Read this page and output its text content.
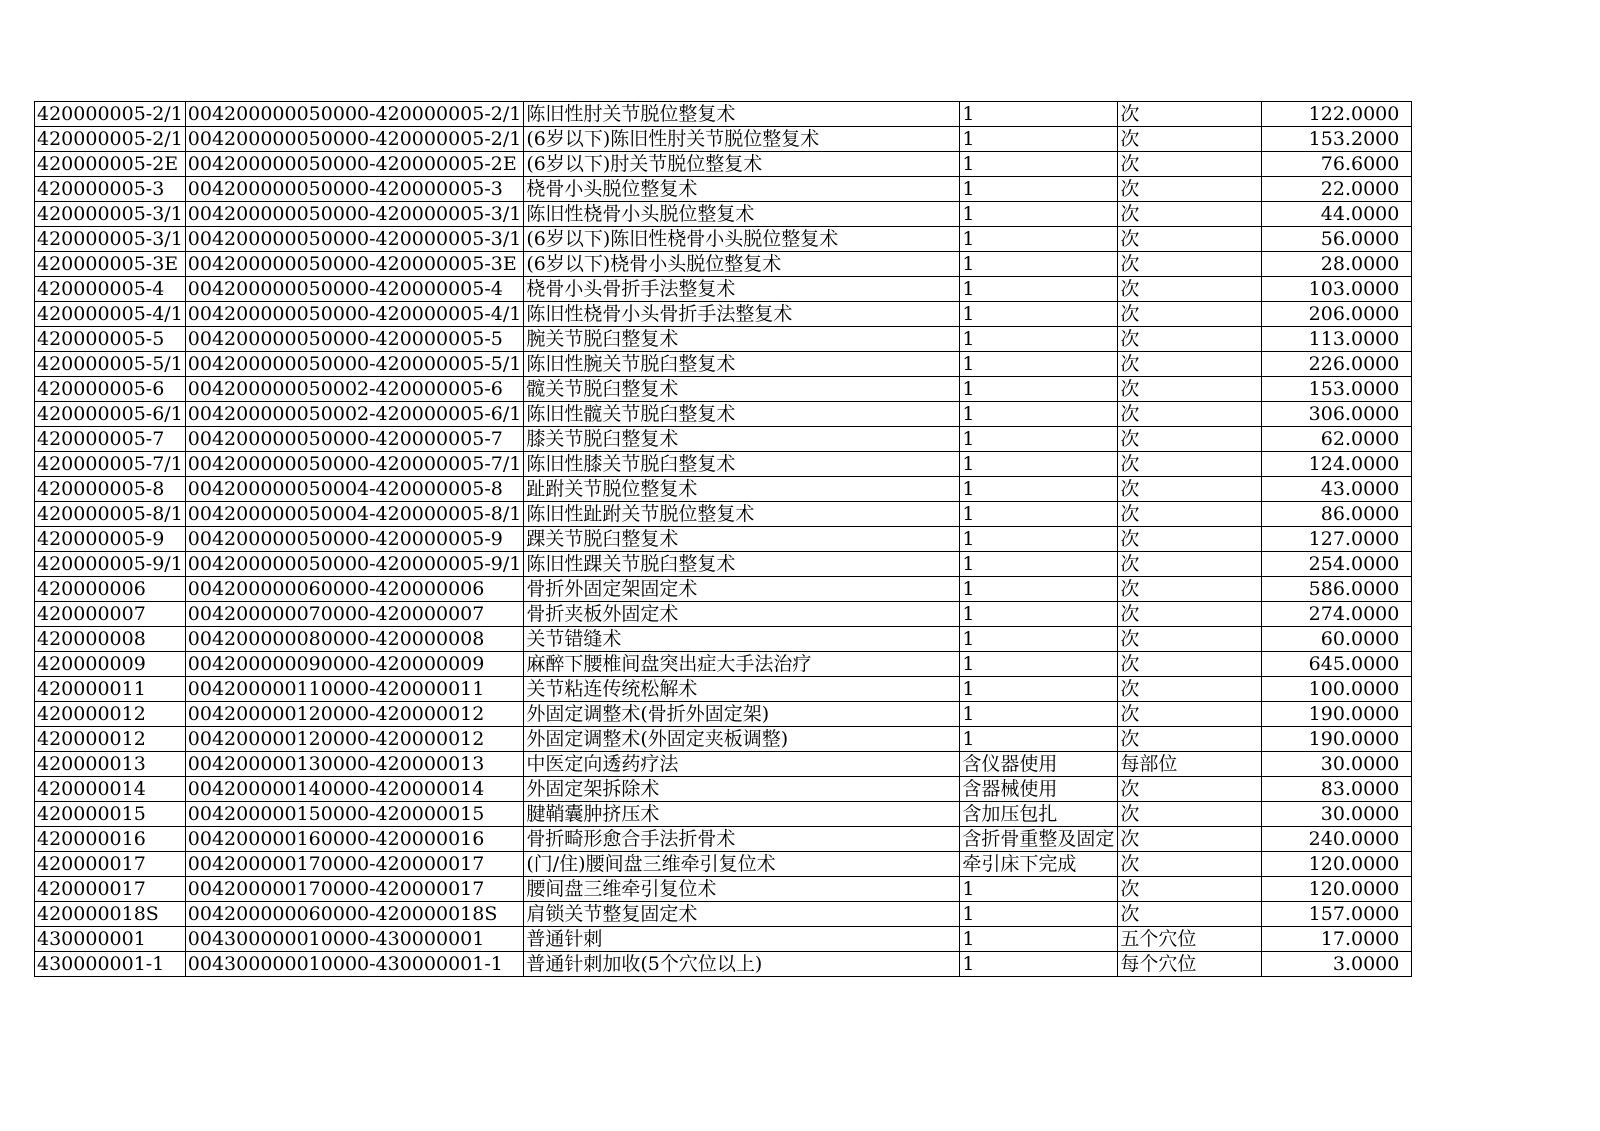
420000005-2/1	004200000050000-420000005-2/1	陈旧性肘关节脱位整复术	1	次	122.0000
420000005-2/1	004200000050000-420000005-2/1	(6岁以下)陈旧性肘关节脱位整复术	1	次	153.2000
420000005-2E	004200000050000-420000005-2E	(6岁以下)肘关节脱位整复术	1	次	76.6000
420000005-3	004200000050000-420000005-3	桡骨小头脱位整复术	1	次	22.0000
420000005-3/1	004200000050000-420000005-3/1	陈旧性桡骨小头脱位整复术	1	次	44.0000
420000005-3/1	004200000050000-420000005-3/1	(6岁以下)陈旧性桡骨小头脱位整复术	1	次	56.0000
420000005-3E	004200000050000-420000005-3E	(6岁以下)桡骨小头脱位整复术	1	次	28.0000
420000005-4	004200000050000-420000005-4	桡骨小头骨折手法整复术	1	次	103.0000
420000005-4/1	004200000050000-420000005-4/1	陈旧性桡骨小头骨折手法整复术	1	次	206.0000
420000005-5	004200000050000-420000005-5	腕关节脱臼整复术	1	次	113.0000
420000005-5/1	004200000050000-420000005-5/1	陈旧性腕关节脱臼整复术	1	次	226.0000
420000005-6	004200000050002-420000005-6	髋关节脱臼整复术	1	次	153.0000
420000005-6/1	004200000050002-420000005-6/1	陈旧性髋关节脱臼整复术	1	次	306.0000
420000005-7	004200000050000-420000005-7	膝关节脱臼整复术	1	次	62.0000
420000005-7/1	004200000050000-420000005-7/1	陈旧性膝关节脱臼整复术	1	次	124.0000
420000005-8	004200000050004-420000005-8	趾跗关节脱位整复术	1	次	43.0000
420000005-8/1	004200000050004-420000005-8/1	陈旧性趾跗关节脱位整复术	1	次	86.0000
420000005-9	004200000050000-420000005-9	踝关节脱臼整复术	1	次	127.0000
420000005-9/1	004200000050000-420000005-9/1	陈旧性踝关节脱臼整复术	1	次	254.0000
420000006	004200000060000-420000006	骨折外固定架固定术	1	次	586.0000
420000007	004200000070000-420000007	骨折夹板外固定术	1	次	274.0000
420000008	004200000080000-420000008	关节错缝术	1	次	60.0000
420000009	004200000090000-420000009	麻醉下腰椎间盘突出症大手法治疗	1	次	645.0000
420000011	004200000110000-420000011	关节粘连传统松解术	1	次	100.0000
420000012	004200000120000-420000012	外固定调整术(骨折外固定架)	1	次	190.0000
420000012	004200000120000-420000012	外固定调整术(外固定夹板调整)	1	次	190.0000
420000013	004200000130000-420000013	中医定向透药疗法	含仪器使用	每部位	30.0000
420000014	004200000140000-420000014	外固定架拆除术	含器械使用	次	83.0000
420000015	004200000150000-420000015	腱鞘囊肿挤压术	含加压包扎	次	30.0000
420000016	004200000160000-420000016	骨折畸形愈合手法折骨术	含折骨重整及固定	次	240.0000
420000017	004200000170000-420000017	(门/住)腰间盘三维牵引复位术	牵引床下完成	次	120.0000
420000017	004200000170000-420000017	腰间盘三维牵引复位术	1	次	120.0000
420000018S	004200000060000-420000018S	肩锁关节整复固定术	1	次	157.0000
430000001	004300000010000-430000001	普通针刺	1	五个穴位	17.0000
430000001-1	004300000010000-430000001-1	普通针刺加收(5个穴位以上)	1	每个穴位	3.0000
